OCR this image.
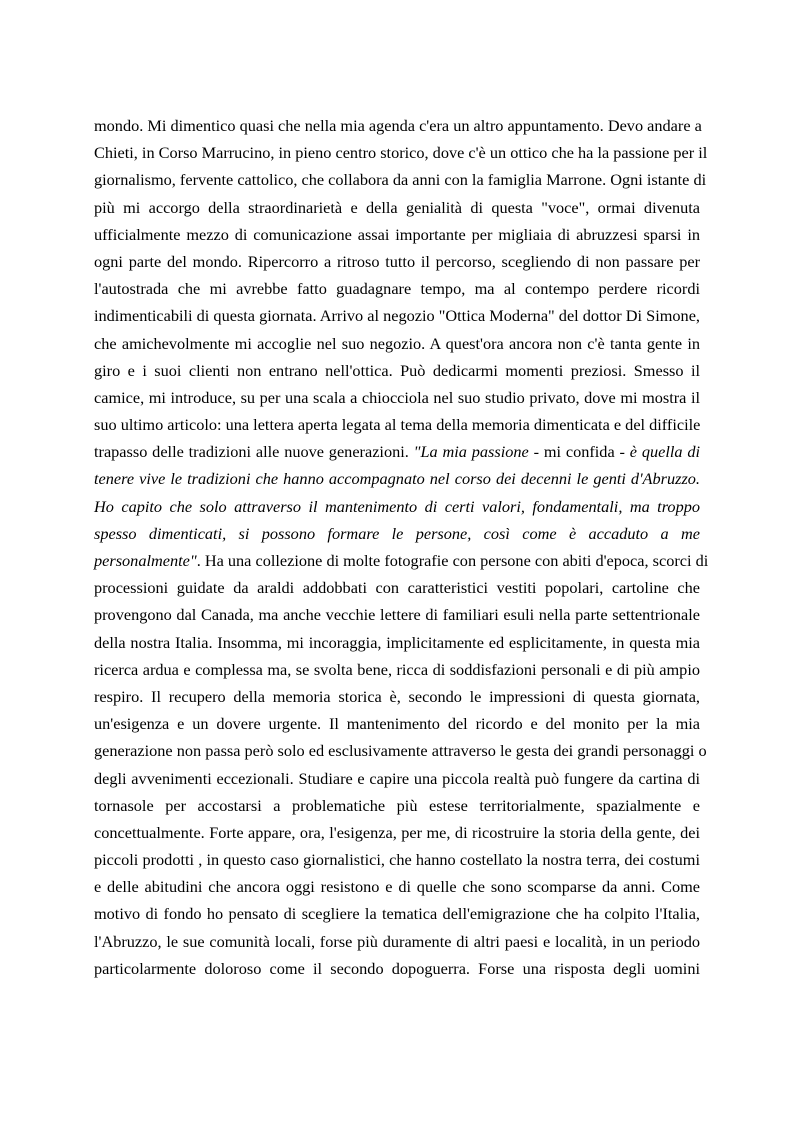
mondo. Mi dimentico quasi che nella mia agenda c'era un altro appuntamento. Devo andare a
Chieti, in Corso Marrucino, in pieno centro storico, dove c'è un ottico che ha la passione per il
giornalismo, fervente cattolico, che collabora da anni con la famiglia Marrone. Ogni istante di
più mi accorgo della straordinarietà e della genialità di questa "voce", ormai divenuta
ufficialmente mezzo di comunicazione assai importante per migliaia di abruzzesi sparsi in
ogni parte del mondo. Ripercorro a ritroso tutto il percorso, scegliendo di non passare per
l'autostrada che mi avrebbe fatto guadagnare tempo, ma al contempo perdere ricordi
indimenticabili di questa giornata. Arrivo al negozio "Ottica Moderna" del dottor Di Simone,
che amichevolmente mi accoglie nel suo negozio. A quest'ora ancora non c'è tanta gente in
giro e i suoi clienti non entrano nell'ottica. Può dedicarmi momenti preziosi. Smesso il
camice, mi introduce, su per una scala a chiocciola nel suo studio privato, dove mi mostra il
suo ultimo articolo: una lettera aperta legata al tema della memoria dimenticata e del difficile
trapasso delle tradizioni alle nuove generazioni. "La mia passione - mi confida - è quella di
tenere vive le tradizioni che hanno accompagnato nel corso dei decenni le genti d'Abruzzo.
Ho capito che solo attraverso il mantenimento di certi valori, fondamentali, ma troppo
spesso dimenticati, si possono formare le persone, così come è accaduto a me
personalmente". Ha una collezione di molte fotografie con persone con abiti d'epoca, scorci di
processioni guidate da araldi addobbati con caratteristici vestiti popolari, cartoline che
provengono dal Canada, ma anche vecchie lettere di familiari esuli nella parte settentrionale
della nostra Italia. Insomma, mi incoraggia, implicitamente ed esplicitamente, in questa mia
ricerca ardua e complessa ma, se svolta bene, ricca di soddisfazioni personali e di più ampio
respiro. Il recupero della memoria storica è, secondo le impressioni di questa giornata,
un'esigenza e un dovere urgente. Il mantenimento del ricordo e del monito per la mia
generazione non passa però solo ed esclusivamente attraverso le gesta dei grandi personaggi o
degli avvenimenti eccezionali. Studiare e capire una piccola realtà può fungere da cartina di
tornasole per accostarsi a problematiche più estese territorialmente, spazialmente e
concettualmente. Forte appare, ora, l'esigenza, per me, di ricostruire la storia della gente, dei
piccoli prodotti , in questo caso giornalistici, che hanno costellato la nostra terra, dei costumi
e delle abitudini che ancora oggi resistono e di quelle che sono scomparse da anni. Come
motivo di fondo ho pensato di scegliere la tematica dell'emigrazione che ha colpito l'Italia,
l'Abruzzo, le sue comunità locali, forse più duramente di altri paesi e località, in un periodo
particolarmente doloroso come il secondo dopoguerra. Forse una risposta degli uomini
